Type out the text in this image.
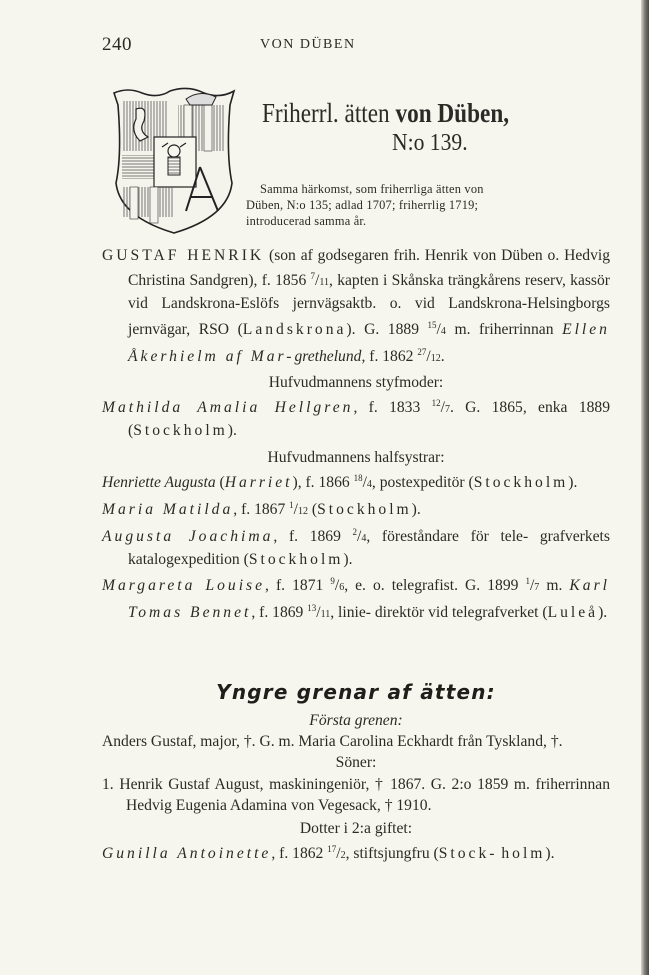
240	VON DÜBEN
Friherrl. ätten von Düben,
N:o 139.
Samma härkomst, som friherrliga ätten von
Düben, N:o 135; adlad 1707; friherrlig 1719;
introducerad samma år.

GUSTAF HENRIK (son af godsegaren frih. Henrik von Düben o. Hedvig Christina Sandgren), f. 1856 $^7$/11, kapten i Skånska trängkårens reserv, kassör vid Landskrona-Eslöfs jernvägsaktb. o. vid Landskrona-Helsingborgs jernvägar, RSO (Landskrona). G. 1889 $^{15}$/4 m. friherrinnan Ellen Åkerhielm af Mar-grethelund, f. 1862 $^{27}$/12.

Hufvudmannens styfmoder:

Mathilda Amalia Hellgren, f. 1833 $^{12}$/7. G. 1865, enka 1889 (Stockholm).

Hufvudmannens halfsystrar:

Henriette Augusta (Harriet), f. 1866 $^{18}$/4, postexpeditör (Stockholm).

Maria Matilda, f. 1867 $^1$/12 (Stockholm).

Augusta Joachima, f. 1869 $^2$/4, föreståndare för tele- grafverkets katalogexpedition (Stockholm).

Margareta Louise, f. 1871 $^9$/6, e. o. telegrafist. G. 1899 $^1$/7 m. Karl Tomas Bennet, f. 1869 $^{13}$/11, linie- direktör vid telegrafverket (Luleå).

Yngre grenar af ätten:

Första grenen:

Anders Gustaf, major, †. G. m. Maria Carolina Eckhardt från Tyskland, †.

Söner:

1. Henrik Gustaf August, maskiningeniör, † 1867. G. 2:o 1859 m. friherrinnan Hedvig Eugenia Adamina von Vegesack, † 1910.

Dotter i 2:a giftet:

Gunilla Antoinette, f. 1862 $^{17}$/2, stiftsjungfru (Stock- holm).
